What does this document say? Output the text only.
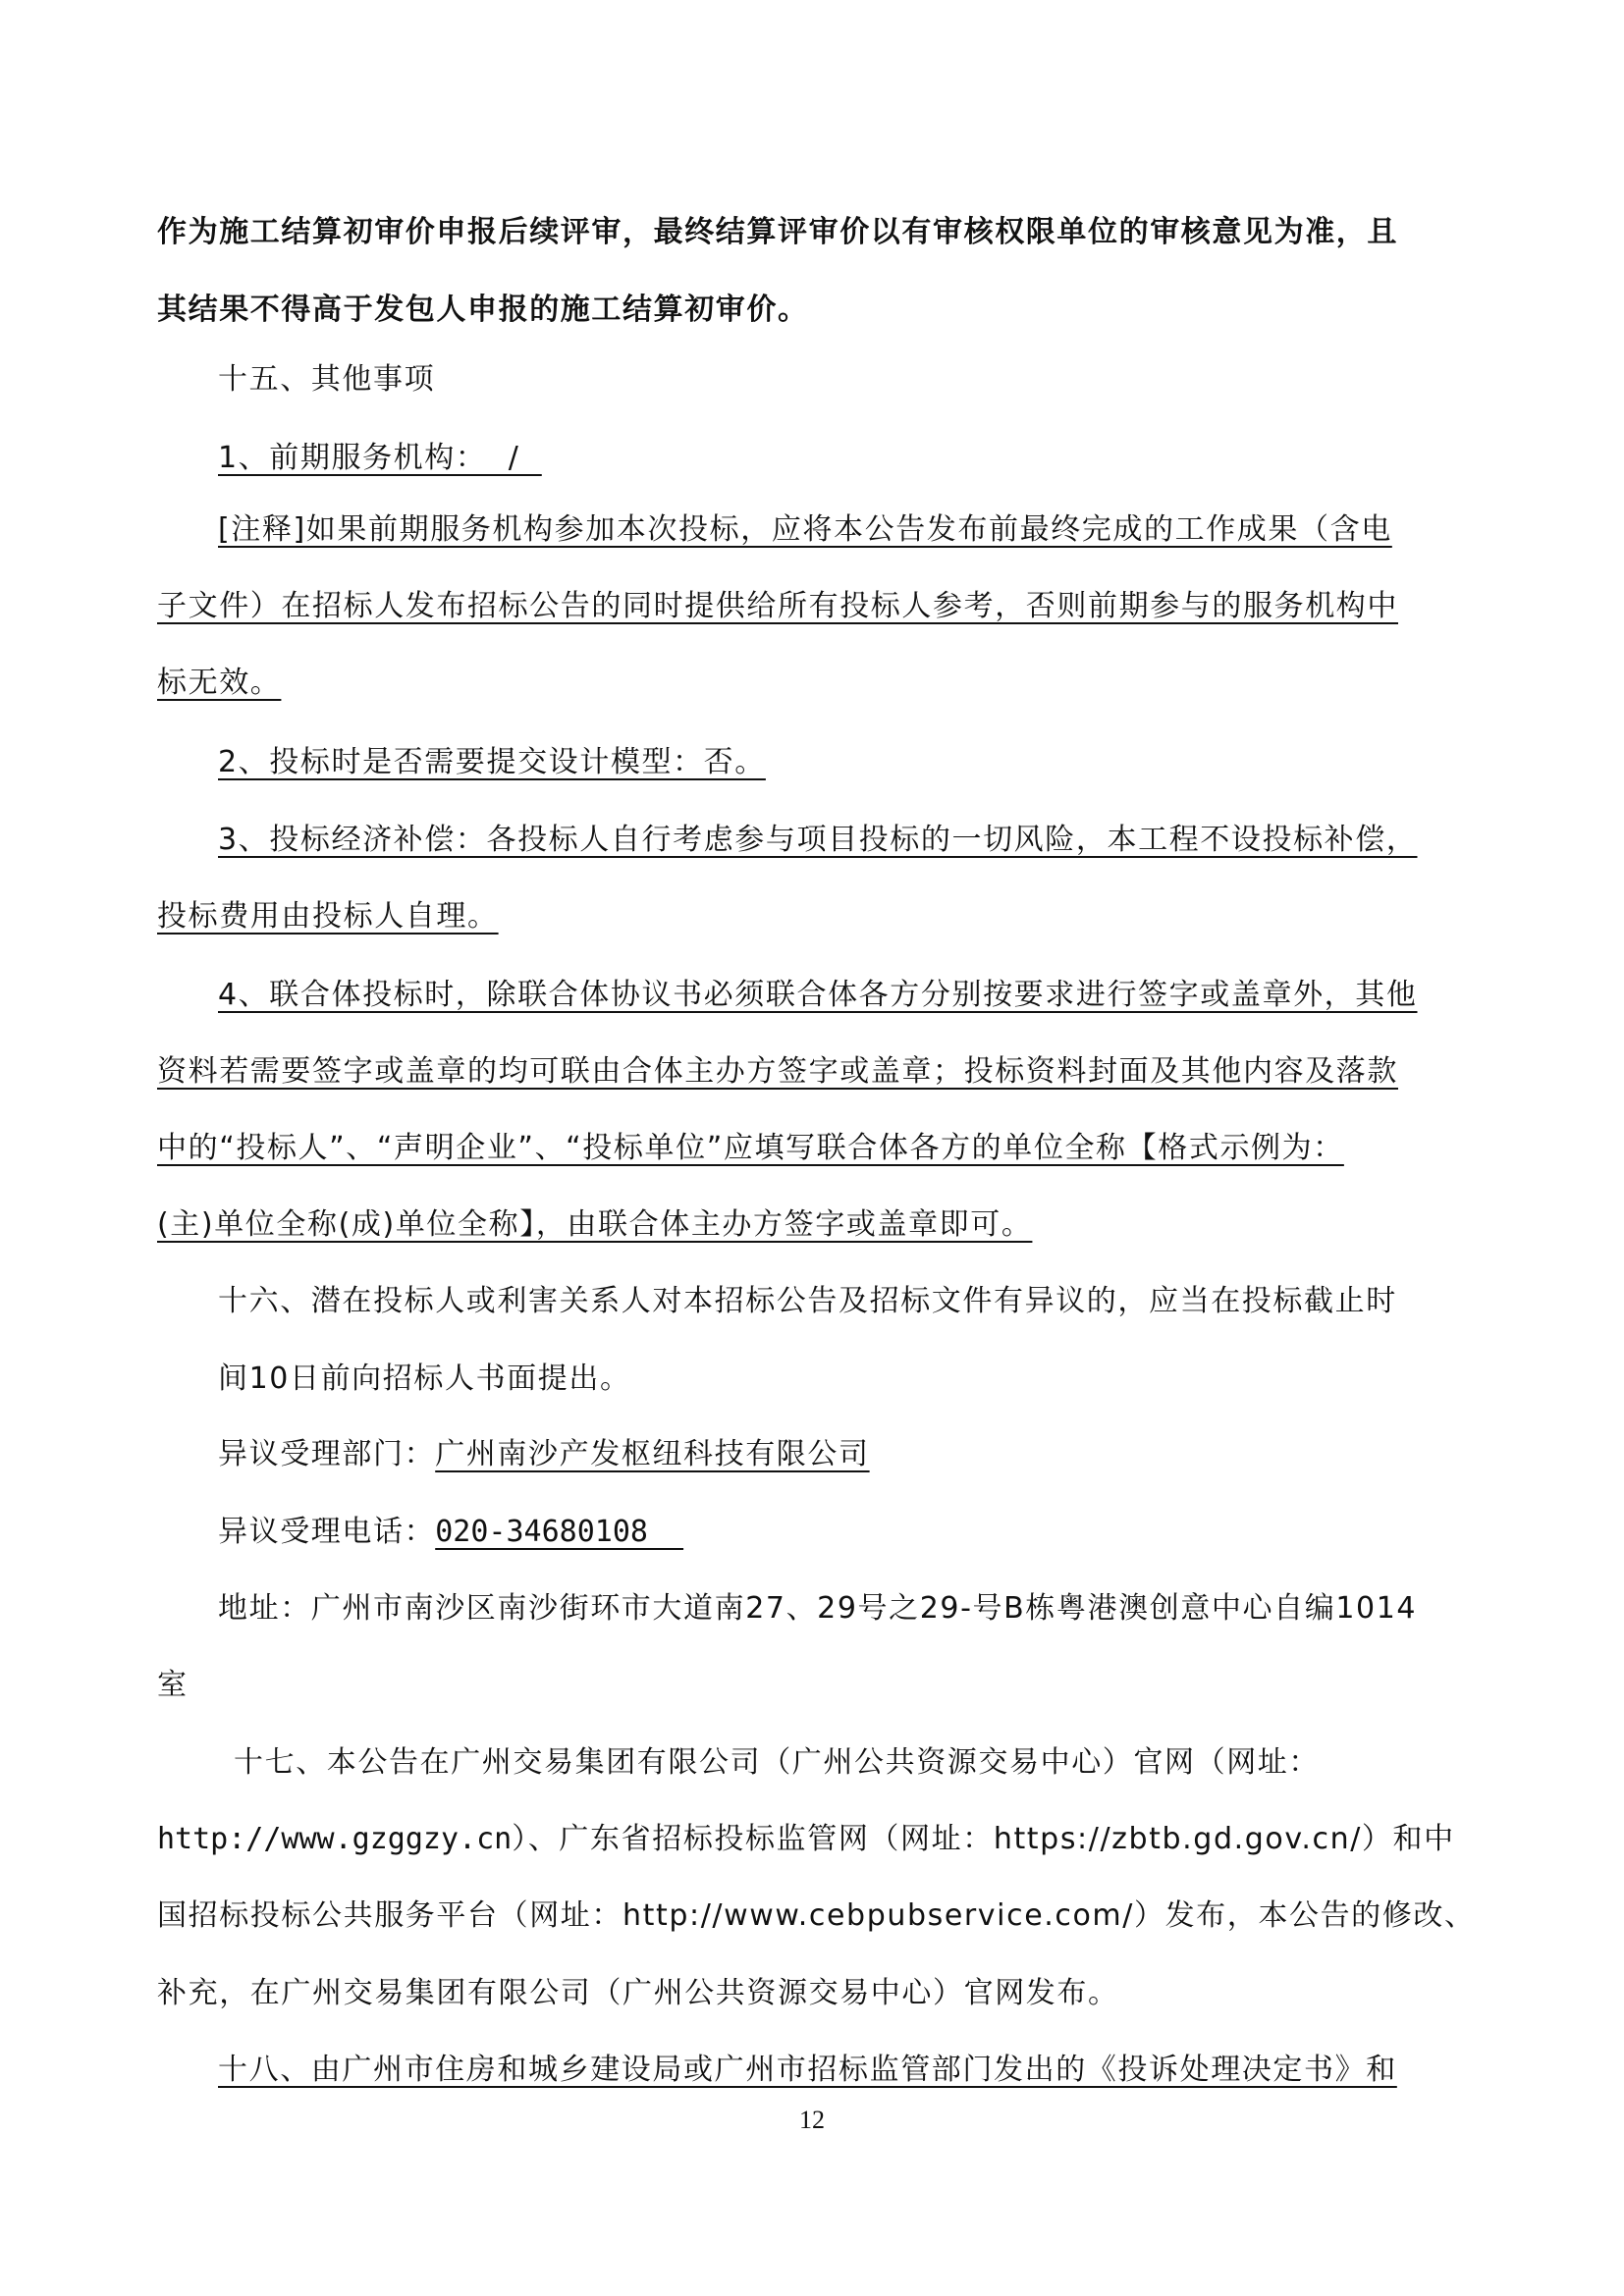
作为施工结算初审价申报后续评审，最终结算评审价以有审核权限单位的审核意见为准，且
其结果不得高于发包人申报的施工结算初审价。
十五、其他事项
1、前期服务机构：  /
[注释]如果前期服务机构参加本次投标，应将本公告发布前最终完成的工作成果（含电
子文件）在招标人发布招标公告的同时提供给所有投标人参考，否则前期参与的服务机构中
标无效。
2、投标时是否需要提交设计模型：否。
3、投标经济补偿：各投标人自行考虑参与项目投标的一切风险，本工程不设投标补偿，
投标费用由投标人自理。
4、联合体投标时，除联合体协议书必须联合体各方分别按要求进行签字或盖章外，其他
资料若需要签字或盖章的均可联由合体主办方签字或盖章；投标资料封面及其他内容及落款
中的“投标人”、“声明企业”、“投标单位”应填写联合体各方的单位全称【格式示例为：
(主)单位全称(成)单位全称】，由联合体主办方签字或盖章即可。
十六、潜在投标人或利害关系人对本招标公告及招标文件有异议的，应当在投标截止时
间10日前向招标人书面提出。
异议受理部门：广州南沙产发枢纽科技有限公司
异议受理电话：020-34680108
地址：广州市南沙区南沙街环市大道南27、29号之29-号B栋粤港澳创意中心自编1014
室
十七、本公告在广州交易集团有限公司（广州公共资源交易中心）官网（网址：
http://www.gzggzy.cn）、广东省招标投标监管网（网址：https://zbtb.gd.gov.cn/）和中
国招标投标公共服务平台（网址：http://www.cebpubservice.com/）发布，本公告的修改、
补充，在广州交易集团有限公司（广州公共资源交易中心）官网发布。
十八、由广州市住房和城乡建设局或广州市招标监管部门发出的《投诉处理决定书》和
12
